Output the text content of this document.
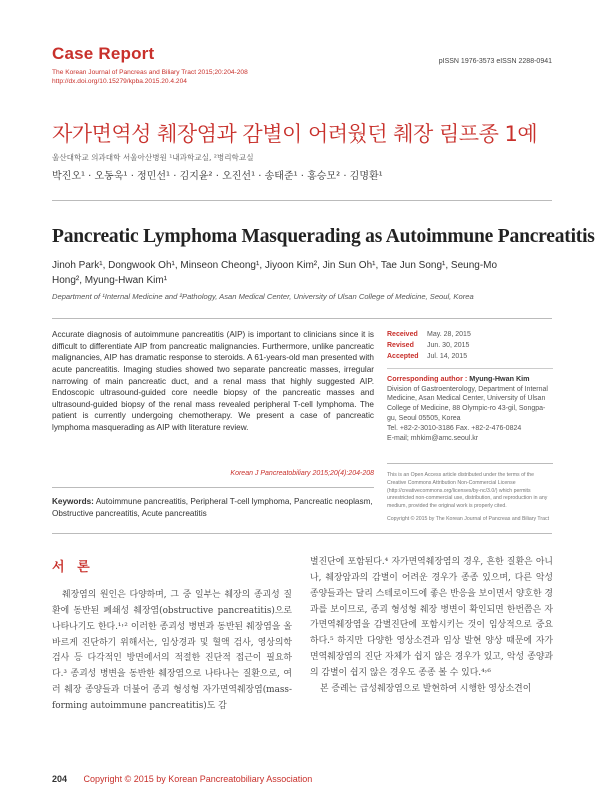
Case Report
The Korean Journal of Pancreas and Biliary Tract 2015;20:204-208
http://dx.doi.org/10.15279/kpba.2015.20.4.204
pISSN 1976-3573 eISSN 2288-0941
자가면역성 췌장염과 감별이 어려웠던 췌장 림프종 1예
울산대학교 의과대학 서울아산병원 ¹내과학교실, ²병리학교실
박진오¹ · 오동욱¹ · 정민선¹ · 김지윤² · 오진선¹ · 송태준¹ · 홍승모² · 김명환¹
Pancreatic Lymphoma Masquerading as Autoimmune Pancreatitis
Jinoh Park¹, Dongwook Oh¹, Minseon Cheong¹, Jiyoon Kim², Jin Sun Oh¹, Tae Jun Song¹, Seung-Mo Hong², Myung-Hwan Kim¹
Department of ¹Internal Medicine and ²Pathology, Asan Medical Center, University of Ulsan College of Medicine, Seoul, Korea
Accurate diagnosis of autoimmune pancreatitis (AIP) is important to clinicians since it is difficult to differentiate AIP from pancreatic malignancies. Furthermore, unlike pancreatic malignancies, AIP has dramatic response to steroids. A 61-years-old man presented with acute pancreatitis. Imaging studies showed two separate pancreatic masses, irregular narrowing of main pancreatic duct, and a renal mass that highly suggested AIP. Endoscopic ultrasound-guided core needle biopsy of the pancreatic masses and ultrasound-guided biopsy of the renal mass revealed peripheral T-cell lymphoma. The patient is currently undergoing chemotherapy. We present a case of pancreatic lymphoma masquerading as AIP with literature review.
Korean J Pancreatobiliary 2015;20(4):204-208
Received May. 28, 2015
Revised Jun. 30, 2015
Accepted Jul. 14, 2015
Corresponding author : Myung-Hwan Kim
Division of Gastroenterology, Department of Internal Medicine, Asan Medical Center, University of Ulsan College of Medicine, 88 Olympic-ro 43-gil, Songpa-gu, Seoul 05505, Korea
Tel. +82-2-3010-3186 Fax. +82-2-476-0824
E-mail; mhkim@amc.seoul.kr
This is an Open Access article distributed under the terms of the Creative Commons Attribution Non-Commercial License (http://creativecommons.org/licenses/by-nc/3.0/) which permits unrestricted non-commercial use, distribution, and reproduction in any medium, provided the original work is properly cited.
Copyright © 2015 by The Korean Journal of Pancreas and Biliary Tract
Keywords: Autoimmune pancreatitis, Peripheral T-cell lymphoma, Pancreatic neoplasm, Obstructive pancreatitis, Acute pancreatitis
서 론

췌장염의 원인은 다양하며, 그 중 일부는 췌장의 종괴성 질환에 동반된 폐쇄성 췌장염(obstructive pancreatitis)으로 나타나기도 한다.¹˒² 이러한 종괴성 병변과 동반된 췌장염을 올바르게 진단하기 위해서는, 임상경과 및 혈액 검사, 영상의학 검사 등 다각적인 방면에서의 적절한 진단적 접근이 필요하다.³ 종괴성 병변을 동반한 췌장염으로 나타나는 질환으로, 여러 췌장 종양들과 더불어 종괴 형성형 자가면역췌장염(mass-forming autoimmune pancreatitis)도 감

별진단에 포함된다.⁴ 자가면역췌장염의 경우, 흔한 질환은 아니나, 췌장암과의 감별이 어려운 경우가 종종 있으며, 다른 악성 종양들과는 달리 스테로이드에 좋은 반응을 보이면서 양호한 경과를 보이므로, 종괴 형성형 췌장 병변이 확인되면 한번쯤은 자가면역췌장염을 감별진단에 포함시키는 것이 임상적으로 중요하다.⁵ 하지만 다양한 영상소견과 임상 발현 양상 때문에 자가면역췌장염의 진단 자체가 쉽지 않은 경우가 있고, 악성 종양과의 감별이 쉽지 않은 경우도 종종 볼 수 있다.⁴˒⁶

본 증례는 급성췌장염으로 발현하여 시행한 영상소견이

204 Copyright © 2015 by Korean Pancreatobiliary Association
